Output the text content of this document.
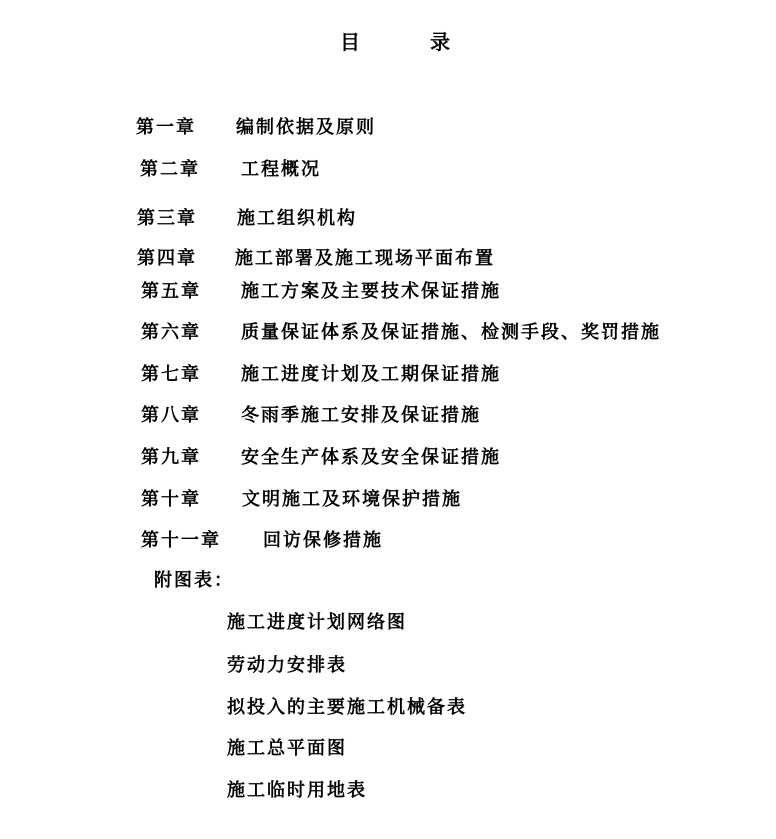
目	录
第一章 编制依据及原则
第二章 工程概况
第三章 施工组织机构
第四章 施工部署及施工现场平面布置
第五章 施工方案及主要技术保证措施
第六章 质量保证体系及保证措施、检测手段、奖罚措施
第七章 施工进度计划及工期保证措施
第八章 冬雨季施工安排及保证措施
第九章 安全生产体系及安全保证措施
第十章 文明施工及环境保护措施
第十一章 回访保修措施
附图表：
施工进度计划网络图
劳动力安排表
拟投入的主要施工机械备表
施工总平面图
施工临时用地表
